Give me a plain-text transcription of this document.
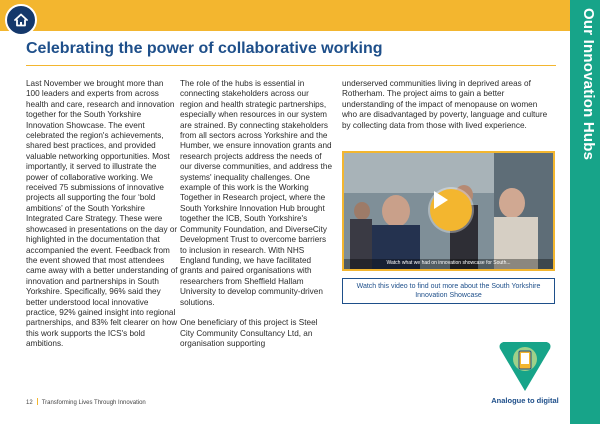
Our Innovation Hubs
Celebrating the power of collaborative working

Last November we brought more than 100 leaders and experts from across health and care, research and innovation together for the South Yorkshire Innovation Showcase. The event celebrated the region's achievements, shared best practices, and provided valuable networking opportunities. Most importantly, it served to illustrate the power of collaborative working. We received 75 submissions of innovative projects all supporting the four ‘bold ambitions’ of the South Yorkshire Integrated Care Strategy. These were showcased in presentations on the day or highlighted in the documentation that accompanied the event. Feedback from the event showed that most attendees came away with a better understanding of innovation and partnerships in South Yorkshire. Specifically, 96% said they better understood local innovative practice, 92% gained insight into regional partnerships, and 83% felt clearer on how this work supports the ICS's bold ambitions.

The role of the hubs is essential in connecting stakeholders across our region and health strategic partnerships, especially when resources in our system are strained. By connecting stakeholders from all sectors across Yorkshire and the Humber, we ensure innovation grants and research projects address the needs of our diverse communities, and address the systems' inequality challenges. One example of this work is the Working Together in Research project, where the South Yorkshire Innovation Hub brought together the ICB, South Yorkshire's Community Foundation, and DiverseCity Development Trust to overcome barriers to inclusion in research. With NHS England funding, we have facilitated grants and paired organisations with researchers from Sheffield Hallam University to develop community-driven solutions.

One beneficiary of this project is Steel City Community Consultancy Ltd, an organisation supporting

underserved communities living in deprived areas of Rotherham. The project aims to gain a better understanding of the impact of menopause on women who are disadvantaged by poverty, language and culture by collecting data from those with lived experience.

Watch what we had on innovation showcase for South...
Watch this video to find out more about the South Yorkshire Innovation Showcase
Analogue to digital
12 Transforming Lives Through Innovation
